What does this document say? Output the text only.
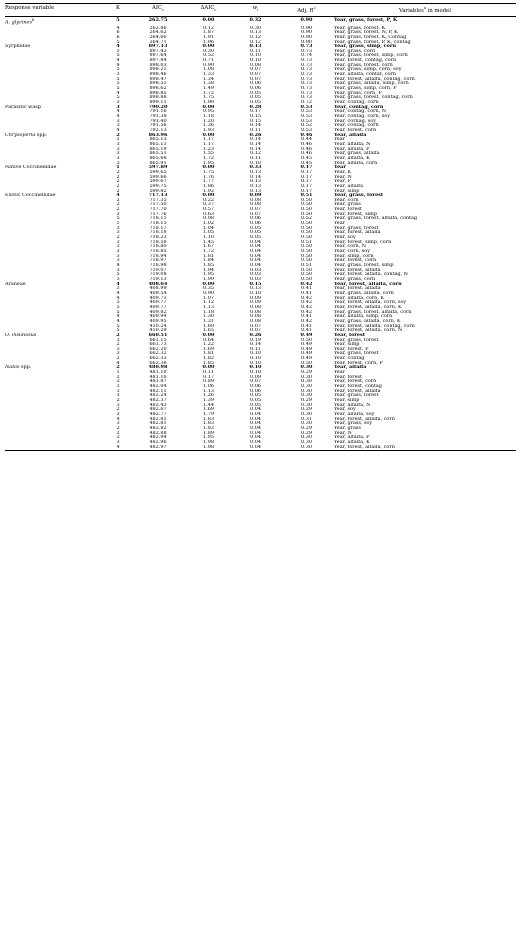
Response variable	K	$AIC_c$	$\Delta AIC_c$	$w_i$	Adj. $R^2$	Variables$^a$ in model
A. glycines$^b$	5	262.75	0.00	0.32	0.90	Year, grass, forest, P, K
	4	262.86	0.12	0.30	0.90	Year, grass, forest, K
	6	264.62	1.87	0.13	0.90	Year, grass, forest, N, P, K
	6	264.66	1.91	0.12	0.90	Year, grass, forest, K, Contag
	5	264.71	1.96	0.12	0.90	Year, grass, forest, P, K, contag
Syrphidae	4	897.13	0.00	0.13	0.73	Year, grass, simp, corn
	3	897.43	0.30	0.11	0.73	Year, grass, corn
	5	897.64	0.52	0.10	0.74	Year, grass, forest, simp, corn
	4	897.84	0.71	0.10	0.73	Year, forest, contag, corn
	4	898.03	0.90	0.08	0.73	Year, grass, forest, corn
	5	898.21	1.08	0.07	0.73	Year, grass, simp, corn, soy
	3	898.46	1.33	0.07	0.73	Year, alfalfa, contat, corn
	5	898.47	1.34	0.07	0.73	Year, forest, alfalfa, contag, corn
	5	898.51	1.38	0.06	0.73	Year, grass, alfalfa, simp, corn
	5	898.62	1.49	0.06	0.73	Year, grass, simp, corn, P
	4	898.85	1.72	0.05	0.73	Year, grass, corn, P
	5	898.88	1.75	0.05	0.73	Year, grass, forest, contag, corn
	3	899.11	1.98	0.05	0.72	Year, contag, corn
Parasitic wasp	3	790.20	0.00	0.28	0.53	Year, contag, corn
	4	791.16	0.95	0.17	0.53	Year, contag, corn, N
	4	791.38	1.18	0.15	0.53	Year, contag, corn, soy
	3	791.40	1.20	0.15	0.53	Year, cornag, soy
	3	791.56	1.36	0.14	0.52	Year, contag, corn
	4	792.13	1.93	0.11	0.53	Year, forest, corn
Chrysoperla spp.	2	863.96	0.00	0.26	0.46	Year, alfalfa
	1	865.13	1.17	0.14	0.44	Year
	3	865.13	1.17	0.14	0.46	Year, alfalfa, N
	3	865.19	1.23	0.14	0.46	Year, alfalfa, P
	3	865.51	1.55	0.12	0.46	Year, grass, alfalfa
	3	865.68	1.72	0.11	0.45	Year, alfalfa, K
	3	865.91	1.95	0.10	0.45	Year, alfalfa, corn
Native Coccinellidae	1	597.89	0.00	0.33	0.17	Year
	2	599.65	1.75	0.13	0.17	Year, K
	2	599.66	1.76	0.14	0.17	Year, N
	2	599.67	1.77	0.13	0.17	Year, P
	2	599.75	1.86	0.13	0.17	Year, alfalfa
	2	599.82	1.92	0.13	0.17	Year, simp
Exotic Coccinellidae	4	717.13	0.00	0.09	0.51	Year, grass, forest
	2	717.35	0.22	0.08	0.50	Year, corn
	2	717.50	0.37	0.08	0.50	Year, grass
	2	717.70	0.57	0.07	0.50	Year, forest
	3	717.76	0.63	0.07	0.50	Year, forest, simp
	5	718.11	0.98	0.06	0.52	Year, grass, forest, alfalfa, contag
	1	718.15	1.02	0.06	0.50	Year
	3	718.17	1.04	0.05	0.50	Year, grass, forest
	3	718.18	1.05	0.05	0.50	Year, forest, alfalfa
	2	718.23	1.10	0.05	0.50	Year, soy
	3	718.58	1.45	0.04	0.51	Year, forest, simp, corn
	3	718.80	1.67	0.04	0.50	Year, corn, N
	3	718.85	1.72	0.04	0.50	Year, corn, soy
	3	718.94	1.81	0.04	0.50	Year, simp, corn
	3	718.97	1.84	0.04	0.50	Year, forest, corn
	4	718.98	1.85	0.04	0.51	Year, grass, forest, simp
	3	719.07	1.94	0.03	0.50	Year, forest, alfalfa
	5	719.08	1.95	0.03	0.50	Year, forest, alfalfa, contag, N
	3	719.13	1.99	0.03	0.50	Year, grass, corn
Araneae	4	408.64	0.00	0.15	0.42	Year, forest, alfalfa, corn
	3	408.99	0.35	0.13	0.41	Year, forest, alfalfa
	4	409.54	0.90	0.10	0.41	Year, grass, alfalfa, corn
	4	409.71	1.07	0.09	0.42	Year, alfalfa, corn, K
	5	409.77	1.12	0.09	0.42	Year, forest, alfalfa, corn, soy
	5	409.77	1.13	0.08	0.42	Year, forest, alfalfa, corn, K
	5	409.82	1.18	0.08	0.42	Year, grass, forest, alfalfa, corn
	4	409.94	1.30	0.08	0.41	Year, alfalfa, simp, corn
	4	409.95	1.31	0.08	0.42	Year, grass, alfalfa, corn, K
	5	410.24	1.60	0.07	0.41	Year, forest, alfalfa, contag, corn
	5	410.29	1.65	0.07	0.41	Year, forest, alfalfa, corn, N
O. insidiosus	2	660.51	0.00	0.26	0.49	Year, forest
	3	661.15	0.64	0.19	0.50	Year, grass, forest
	2	661.73	1.22	0.14	0.49	Year, simp
	3	662.20	1.69	0.11	0.49	Year, forest, P
	3	662.32	1.81	0.10	0.49	Year, grass, forest
	2	662.33	1.82	0.10	0.49	Year, contag
	4	662.36	1.85	0.10	0.50	Year, forest, corn, P
Nabis spp.	2	480.98	0.00	0.10	0.30	Year, alfalfa
	1	481.10	0.11	0.10	0.29	Year
	2	481.16	0.17	0.09	0.30	Year, forest
	3	481.87	0.89	0.07	0.30	Year, forest, corn
	3	482.04	1.06	0.06	0.30	Year, forest, contag
	3	482.11	1.13	0.06	0.30	Year, forest, alfalfa
	3	482.24	1.26	0.05	0.30	Year, grass, forest
	2	482.37	1.39	0.05	0.29	Year, simp
	3	482.43	1.44	0.05	0.30	Year, alfalfa, N
	2	482.67	1.69	0.04	0.29	Year, soy
	3	482.77	1.79	0.04	0.30	Year, alfalfa, soy
	4	482.81	1.83	0.04	0.31	Year, forest, alfalfa, corn
	3	482.81	1.83	0.04	0.30	Year, grass, soy
	2	482.82	1.83	0.04	0.29	Year, grass
	2	482.88	1.89	0.04	0.29	Year, N
	3	482.94	1.95	0.04	0.30	Year, alfalfa, P
	3	482.96	1.98	0.04	0.30	Year, alfalfa, K
	4	482.97	1.98	0.04	0.30	Year, forest, alfalfa, corn
